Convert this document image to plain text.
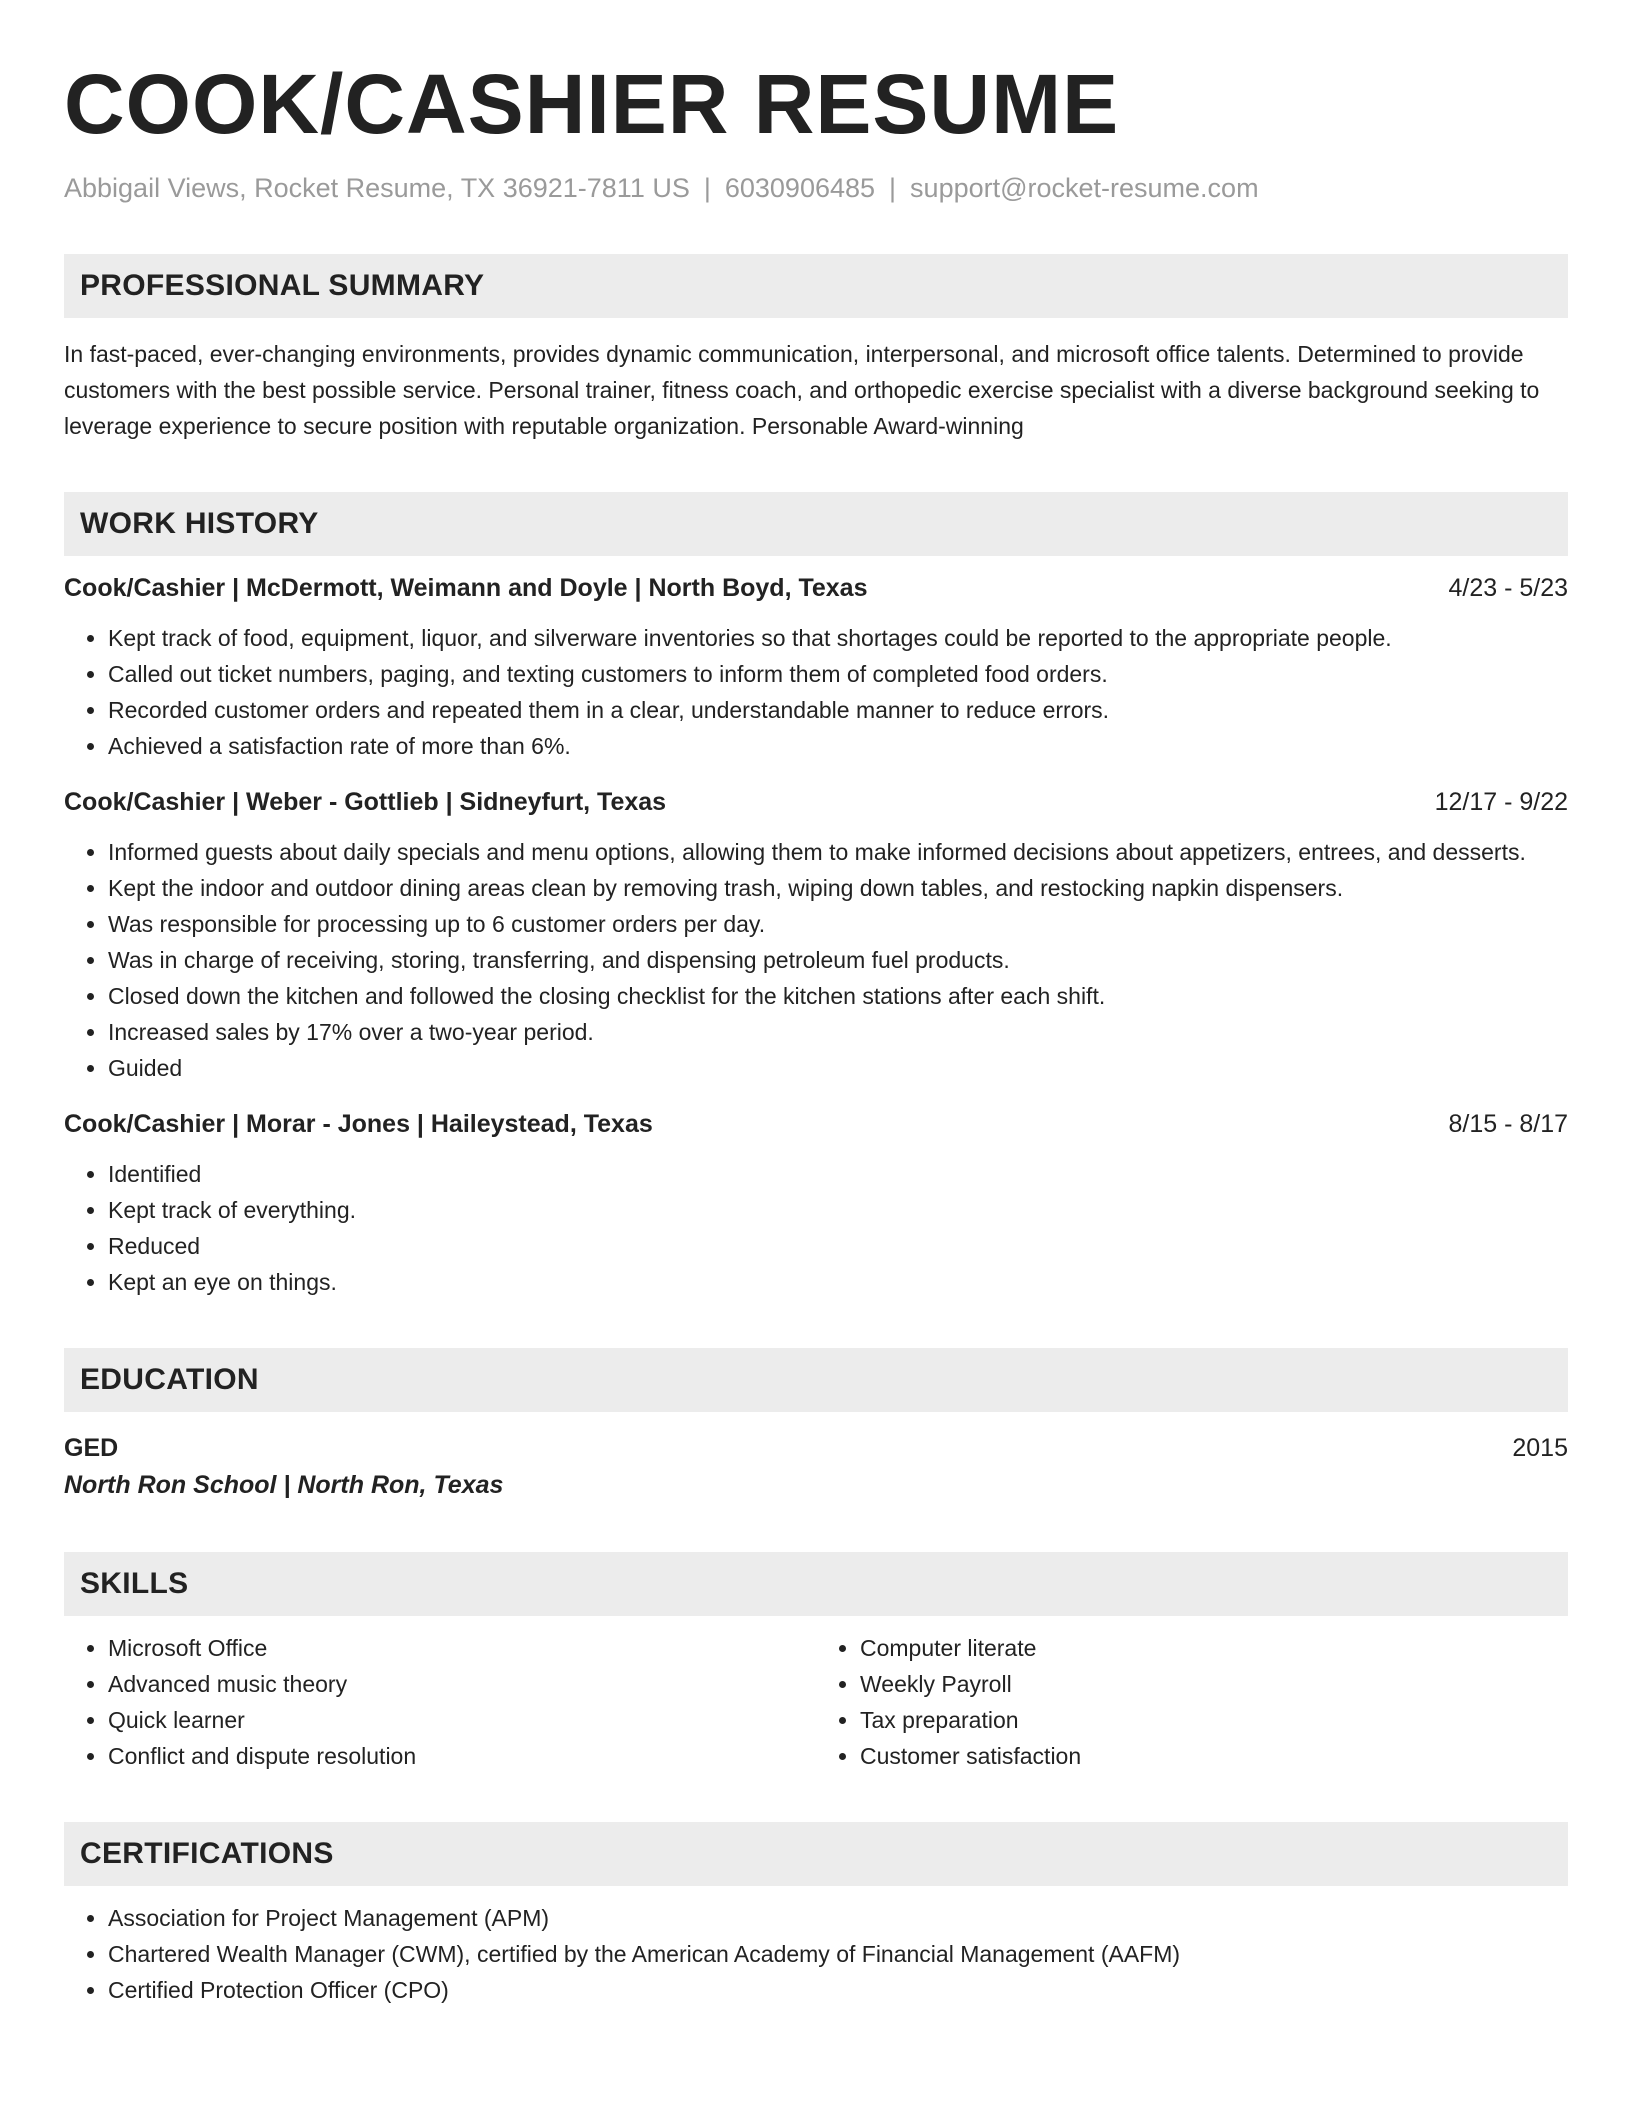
COOK/CASHIER RESUME
Abbigail Views, Rocket Resume, TX 36921-7811 US | 6030906485 | support@rocket-resume.com
PROFESSIONAL SUMMARY
In fast-paced, ever-changing environments, provides dynamic communication, interpersonal, and microsoft office talents. Determined to provide customers with the best possible service. Personal trainer, fitness coach, and orthopedic exercise specialist with a diverse background seeking to leverage experience to secure position with reputable organization. Personable Award-winning
WORK HISTORY
Cook/Cashier | McDermott, Weimann and Doyle | North Boyd, Texas	4/23 - 5/23
• Kept track of food, equipment, liquor, and silverware inventories so that shortages could be reported to the appropriate people.
• Called out ticket numbers, paging, and texting customers to inform them of completed food orders.
• Recorded customer orders and repeated them in a clear, understandable manner to reduce errors.
• Achieved a satisfaction rate of more than 6%.
Cook/Cashier | Weber - Gottlieb | Sidneyfurt, Texas	12/17 - 9/22
• Informed guests about daily specials and menu options, allowing them to make informed decisions about appetizers, entrees, and desserts.
• Kept the indoor and outdoor dining areas clean by removing trash, wiping down tables, and restocking napkin dispensers.
• Was responsible for processing up to 6 customer orders per day.
• Was in charge of receiving, storing, transferring, and dispensing petroleum fuel products.
• Closed down the kitchen and followed the closing checklist for the kitchen stations after each shift.
• Increased sales by 17% over a two-year period.
• Guided
Cook/Cashier | Morar - Jones | Haileystead, Texas	8/15 - 8/17
• Identified
• Kept track of everything.
• Reduced
• Kept an eye on things.
EDUCATION
GED	2015
North Ron School | North Ron, Texas
SKILLS
• Microsoft Office
• Advanced music theory
• Quick learner
• Conflict and dispute resolution
• Computer literate
• Weekly Payroll
• Tax preparation
• Customer satisfaction
CERTIFICATIONS
• Association for Project Management (APM)
• Chartered Wealth Manager (CWM), certified by the American Academy of Financial Management (AAFM)
• Certified Protection Officer (CPO)
